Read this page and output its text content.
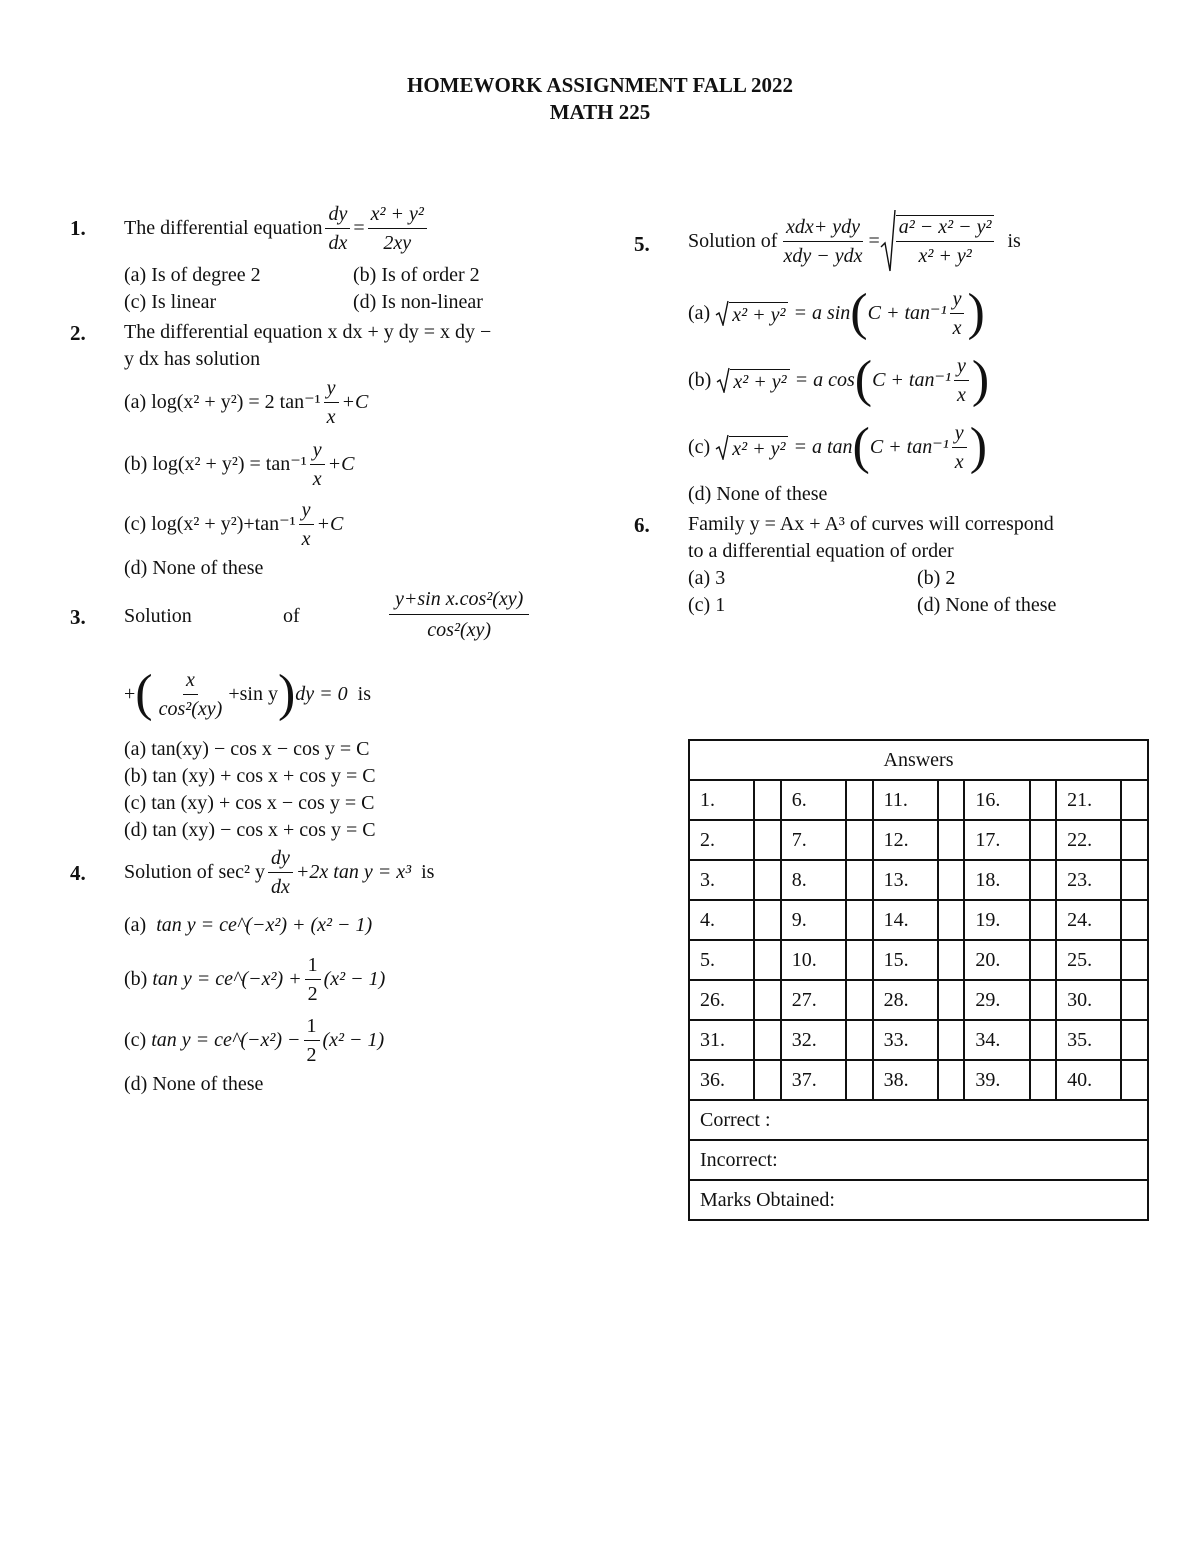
HOMEWORK ASSIGNMENT FALL 2022
MATH 225
1. The differential equation $\frac{dy}{dx} = \frac{\text{x² + y²}}{2xy}$
(a) Is of degree 2	(b) Is of order 2
(c) Is linear	(d) Is non-linear
2. The differential equation x dx + y dy = x dy −
y dx has solution
(a)
log(x² + y²) = 2 $\tan^{-1} \frac{y}{x} +C$
(b)
$\log(x^2 + y^2) = \tan^{-1} \frac{y}{x} +C$
(c)
$\log(x^2 + y^2)+\tan^{-1} \frac{y}{x} +C$
(d) None of these
3. Solution	of	$\frac{\text{y+sin x.cos²(xy)}}{\text{cos²(xy)}}$
+ ( $\frac{x}{\text{cos²(xy)}} +\sin$ y ) dy = 0
is
(a) tan(xy) − cos x − cos y = C
(b) tan (xy) + cos x + cos y = C
(c) tan (xy) + cos x − cos y = C
(d) tan (xy) − cos x + cos y = C
4. Solution of sec² y $\frac{dy}{dx} +2x$ tan y = x³
is
(a) tan y = ce^(−x²) + (x² − 1)
(b)
tan y = ce^(−x²) + $\frac{1}{2} (x^2 - 1)$
(c)
tan y = ce^(−x²) − $\frac{1}{2} (x^2 - 1)$
(d) None of these
5. Solution of $\frac{\text{xdx+ ydy}}{\text{xdy − ydx}} = \frac{\text{a² − x² − y²}}{\text{x² + y²}}$
is
(a)
x² + y²
= a sin ( $C + \tan^{-1} \frac{y}{x}$ )
(b)
x² + y²
= a cos ( $C + \tan^{-1} \frac{y}{x}$ )
(c)
x² + y²
= a tan ( $C + \tan^{-1} \frac{y}{x}$ )
(d) None of these
6. Family y = Ax + A³ of curves will correspond
to a differential equation of order
(a) 3	(b) 2
(c) 1	(d) None of these
Answers									
1.		6.		11.		16.		21.	
2.		7.		12.		17.		22.	
3.		8.		13.		18.		23.	
4.		9.		14.		19.		24.	
5.		10.		15.		20.		25.	
26.		27.		28.		29.		30.	
31.		32.		33.		34.		35.	
36.		37.		38.		39.		40.	
Correct :									
Incorrect:									
Marks Obtained:									
